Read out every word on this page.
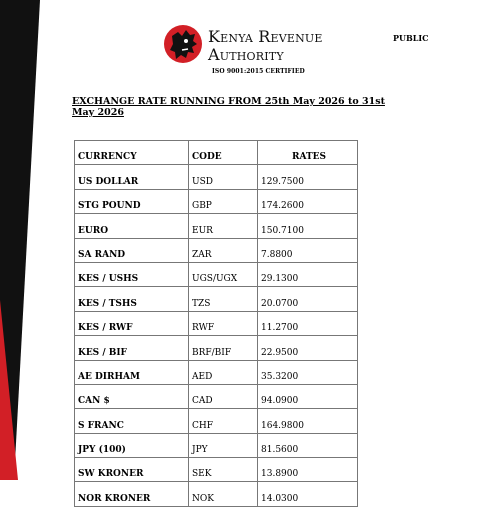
Kenya Revenue
Authority
ISO 9001:2015 CERTIFIED
PUBLIC
EXCHANGE RATE RUNNING FROM 25th May 2026 to 31st May 2026
CURRENCY	CODE	RATES
US DOLLAR	USD	129.7500
STG POUND	GBP	174.2600
EURO	EUR	150.7100
SA RAND	ZAR	7.8800
KES / USHS	UGS/UGX	29.1300
KES / TSHS	TZS	20.0700
KES / RWF	RWF	11.2700
KES / BIF	BRF/BIF	22.9500
AE DIRHAM	AED	35.3200
CAN $	CAD	94.0900
S FRANC	CHF	164.9800
JPY (100)	JPY	81.5600
SW KRONER	SEK	13.8900
NOR KRONER	NOK	14.0300
